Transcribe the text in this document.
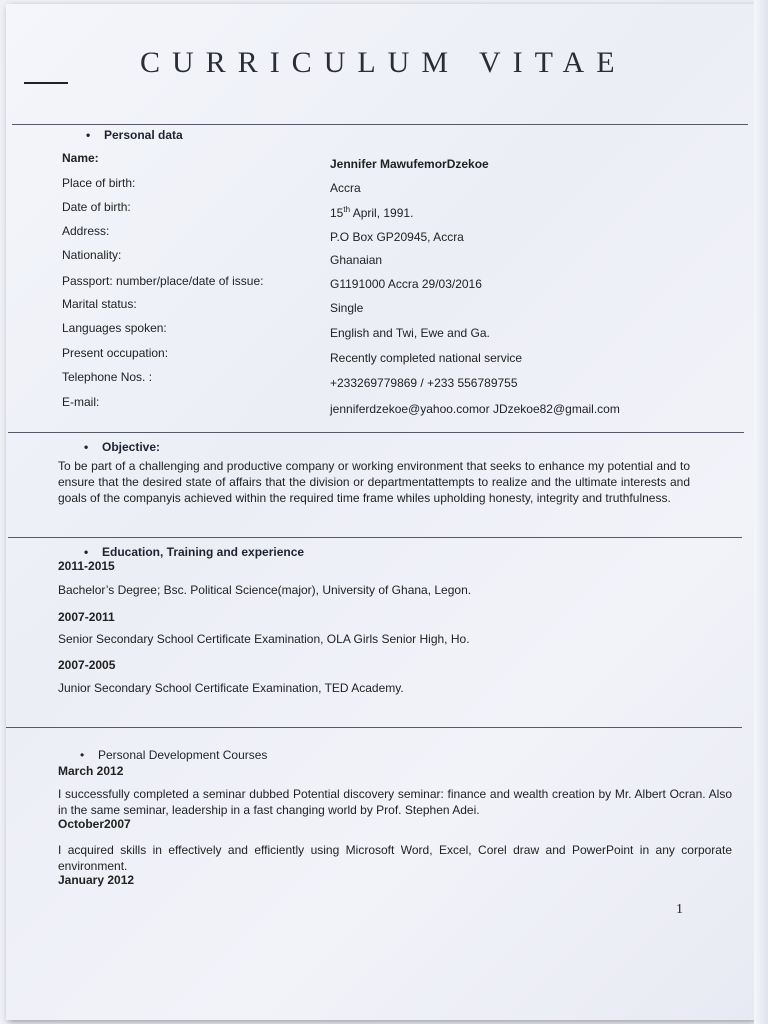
CURRICULUM VITAE
• Personal data
Name:	Jennifer MawufemorDzekoe
Place of birth:	Accra
Date of birth:	15th April, 1991.
Address:	P.O Box GP20945, Accra
Nationality:	Ghanaian
Passport: number/place/date of issue:	G1191000 Accra 29/03/2016
Marital status:	Single
Languages spoken:	English and Twi, Ewe and Ga.
Present occupation:	Recently completed national service
Telephone Nos. :	+233269779869 / +233 556789755
E-mail:	jenniferdzekoe@yahoo.comor JDzekoe82@gmail.com
• Objective:
To be part of a challenging and productive company or working environment that seeks to enhance my potential and to ensure that the desired state of affairs that the division or departmentattempts to realize and the ultimate interests and goals of the companyis achieved within the required time frame whiles upholding honesty, integrity and truthfulness.
• Education, Training and experience
2011-2015
Bachelor’s Degree; Bsc. Political Science(major), University of Ghana, Legon.
2007-2011
Senior Secondary School Certificate Examination, OLA Girls Senior High, Ho.
2007-2005
Junior Secondary School Certificate Examination, TED Academy.
• Personal Development Courses
March 2012
I successfully completed a seminar dubbed Potential discovery seminar: finance and wealth creation by Mr. Albert Ocran. Also in the same seminar, leadership in a fast changing world by Prof. Stephen Adei.
October2007
I acquired skills in effectively and efficiently using Microsoft Word, Excel, Corel draw and PowerPoint in any corporate environment.
January 2012
1
